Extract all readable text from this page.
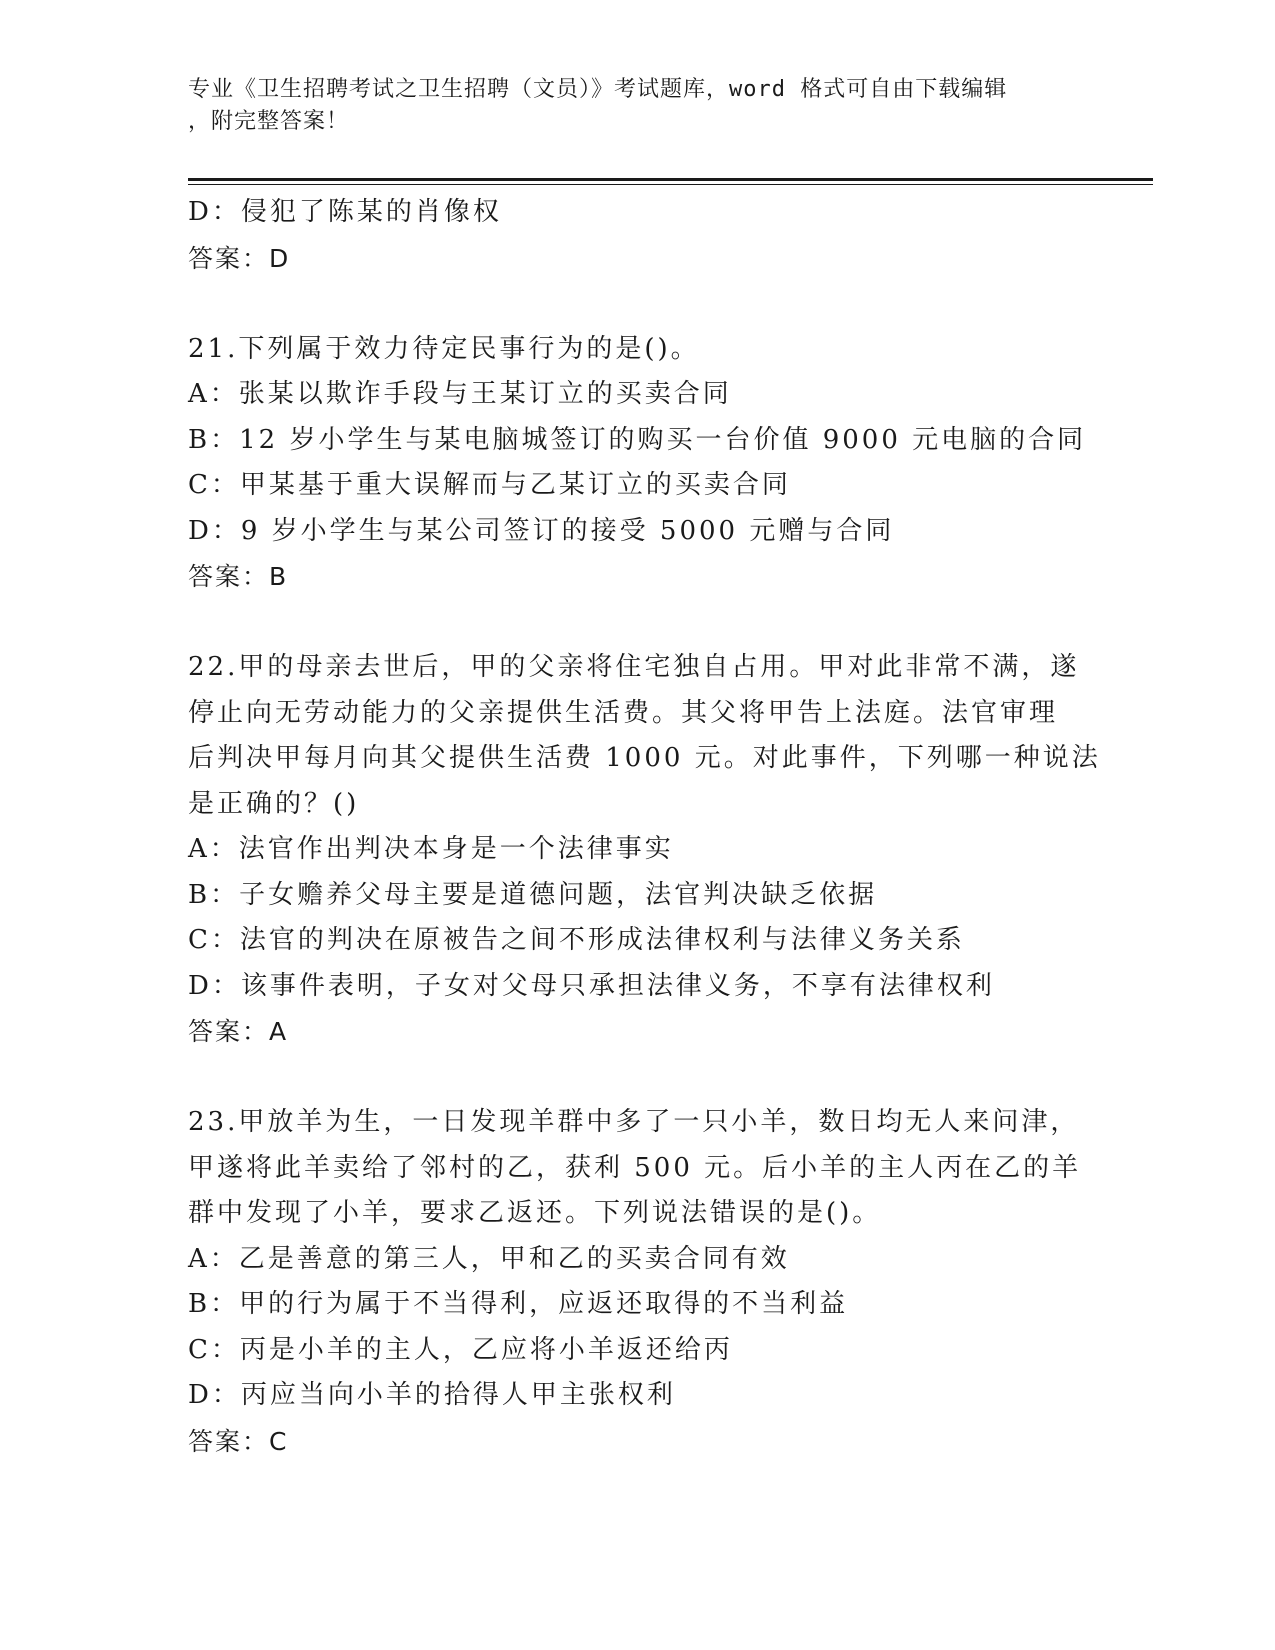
专业《卫生招聘考试之卫生招聘（文员）》考试题库，word 格式可自由下载编辑
，附完整答案！
D：侵犯了陈某的肖像权
答案：D
21.下列属于效力待定民事行为的是()。
A：张某以欺诈手段与王某订立的买卖合同
B：12 岁小学生与某电脑城签订的购买一台价值 9000 元电脑的合同
C：甲某基于重大误解而与乙某订立的买卖合同
D：9 岁小学生与某公司签订的接受 5000 元赠与合同
答案：B
22.甲的母亲去世后，甲的父亲将住宅独自占用。甲对此非常不满，遂
停止向无劳动能力的父亲提供生活费。其父将甲告上法庭。法官审理
后判决甲每月向其父提供生活费 1000 元。对此事件，下列哪一种说法
是正确的？()
A：法官作出判决本身是一个法律事实
B：子女赡养父母主要是道德问题，法官判决缺乏依据
C：法官的判决在原被告之间不形成法律权利与法律义务关系
D：该事件表明，子女对父母只承担法律义务，不享有法律权利
答案：A
23.甲放羊为生，一日发现羊群中多了一只小羊，数日均无人来问津，
甲遂将此羊卖给了邻村的乙，获利 500 元。后小羊的主人丙在乙的羊
群中发现了小羊，要求乙返还。下列说法错误的是()。
A：乙是善意的第三人，甲和乙的买卖合同有效
B：甲的行为属于不当得利，应返还取得的不当利益
C：丙是小羊的主人，乙应将小羊返还给丙
D：丙应当向小羊的拾得人甲主张权利
答案：C
